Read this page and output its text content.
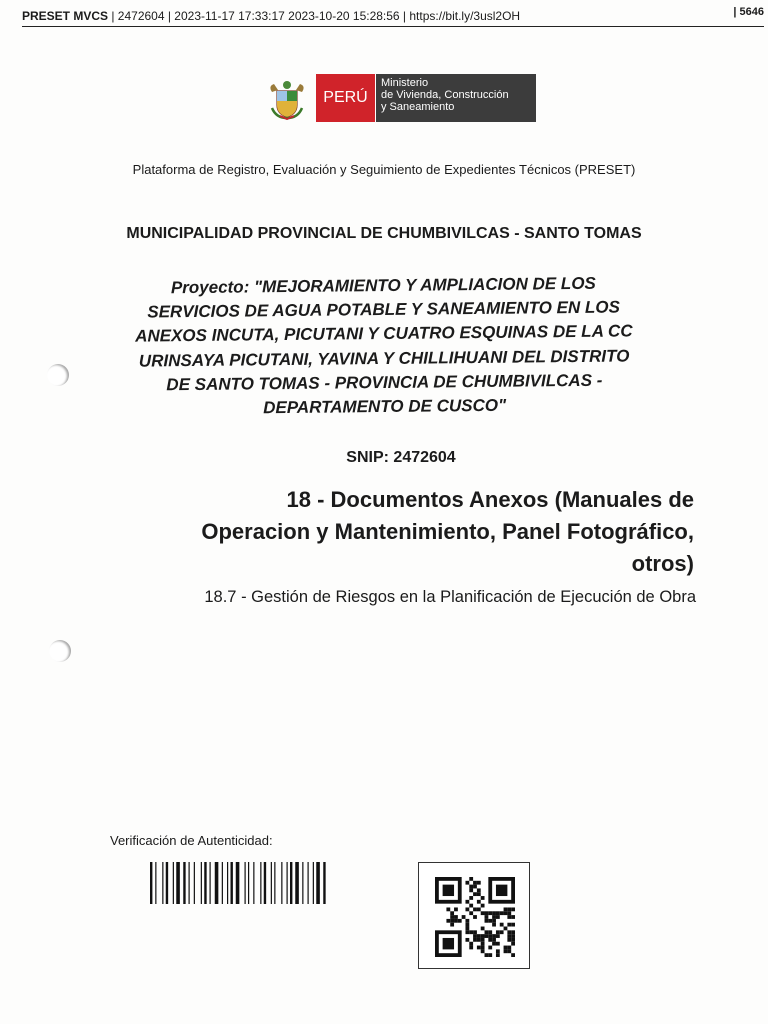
PRESET MVCS | 2472604 | 2023-11-17 17:33:17 2023-10-20 15:28:56 | https://bit.ly/3usl2OH	| 5646
PERÚ
Ministerio
de Vivienda, Construcción
y Saneamiento
Plataforma de Registro, Evaluación y Seguimiento de Expedientes Técnicos (PRESET)
MUNICIPALIDAD PROVINCIAL DE CHUMBIVILCAS - SANTO TOMAS
Proyecto: "MEJORAMIENTO Y AMPLIACION DE LOS
SERVICIOS DE AGUA POTABLE Y SANEAMIENTO EN LOS
ANEXOS INCUTA, PICUTANI Y CUATRO ESQUINAS DE LA CC
URINSAYA PICUTANI, YAVINA Y CHILLIHUANI DEL DISTRITO
DE SANTO TOMAS - PROVINCIA DE CHUMBIVILCAS -
DEPARTAMENTO DE CUSCO"
SNIP: 2472604
18 - Documentos Anexos (Manuales de
Operacion y Mantenimiento, Panel Fotográfico,
otros)
18.7 - Gestión de Riesgos en la Planificación de Ejecución de Obra
Verificación de Autenticidad:
